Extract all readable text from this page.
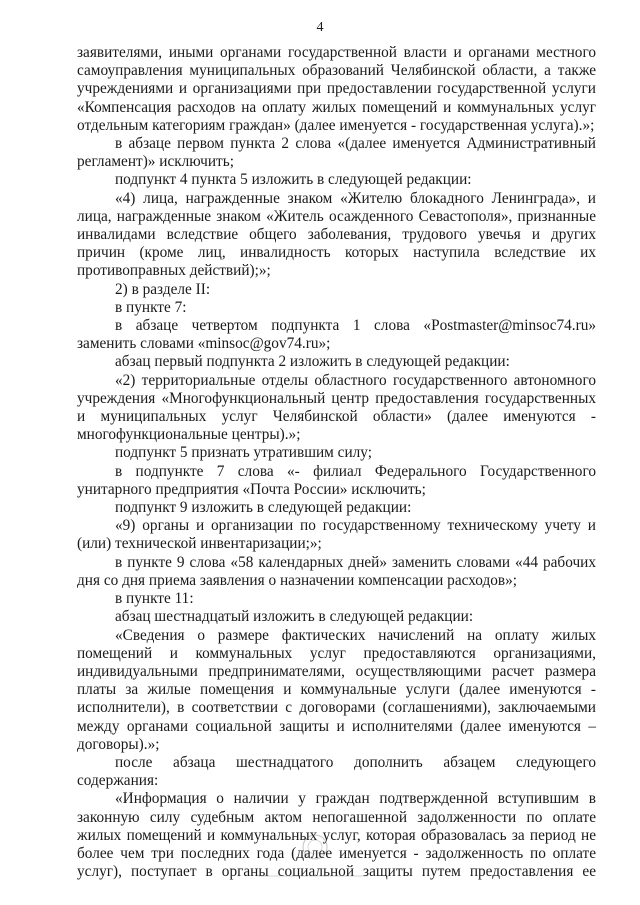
4

заявителями, иными органами государственной власти и органами местного самоуправления муниципальных образований Челябинской области, а также учреждениями и организациями при предоставлении государственной услуги «Компенсация расходов на оплату жилых помещений и коммунальных услуг отдельным категориям граждан» (далее именуется - государственная услуга).»;

в абзаце первом пункта 2 слова «(далее именуется Административный регламент)» исключить;

подпункт 4 пункта 5 изложить в следующей редакции:

«4) лица, награжденные знаком «Жителю блокадного Ленинграда», и лица, награжденные знаком «Житель осажденного Севастополя», признанные инвалидами вследствие общего заболевания, трудового увечья и других причин (кроме лиц, инвалидность которых наступила вследствие их противоправных действий);»;

2) в разделе II:

в пункте 7:

в абзаце четвертом подпункта 1 слова «Postmaster@minsoc74.ru» заменить словами «minsoc@gov74.ru»;

абзац первый подпункта 2 изложить в следующей редакции:

«2) территориальные отделы областного государственного автономного учреждения «Многофункциональный центр предоставления государственных и муниципальных услуг Челябинской области» (далее именуются - многофункциональные центры).»;

подпункт 5 признать утратившим силу;

в подпункте 7 слова «- филиал Федерального Государственного унитарного предприятия «Почта России» исключить;

подпункт 9 изложить в следующей редакции:

«9) органы и организации по государственному техническому учету и (или) технической инвентаризации;»;

в пункте 9 слова «58 календарных дней» заменить словами «44 рабочих дня со дня приема заявления о назначении компенсации расходов»;

в пункте 11:

абзац шестнадцатый изложить в следующей редакции:

«Сведения о размере фактических начислений на оплату жилых помещений и коммунальных услуг предоставляются организациями, индивидуальными предпринимателями, осуществляющими расчет размера платы за жилые помещения и коммунальные услуги (далее именуются - исполнители), в соответствии с договорами (соглашениями), заключаемыми между органами социальной защиты и исполнителями (далее именуются – договоры).»;

после абзаца шестнадцатого дополнить абзацем следующего содержания:

«Информация о наличии у граждан подтвержденной вступившим в законную силу судебным актом непогашенной задолженности по оплате жилых помещений и коммунальных услуг, которая образовалась за период не более чем три последних года (далее именуется - задолженность по оплате услуг), поступает в органы социальной защиты путем предоставления ее
